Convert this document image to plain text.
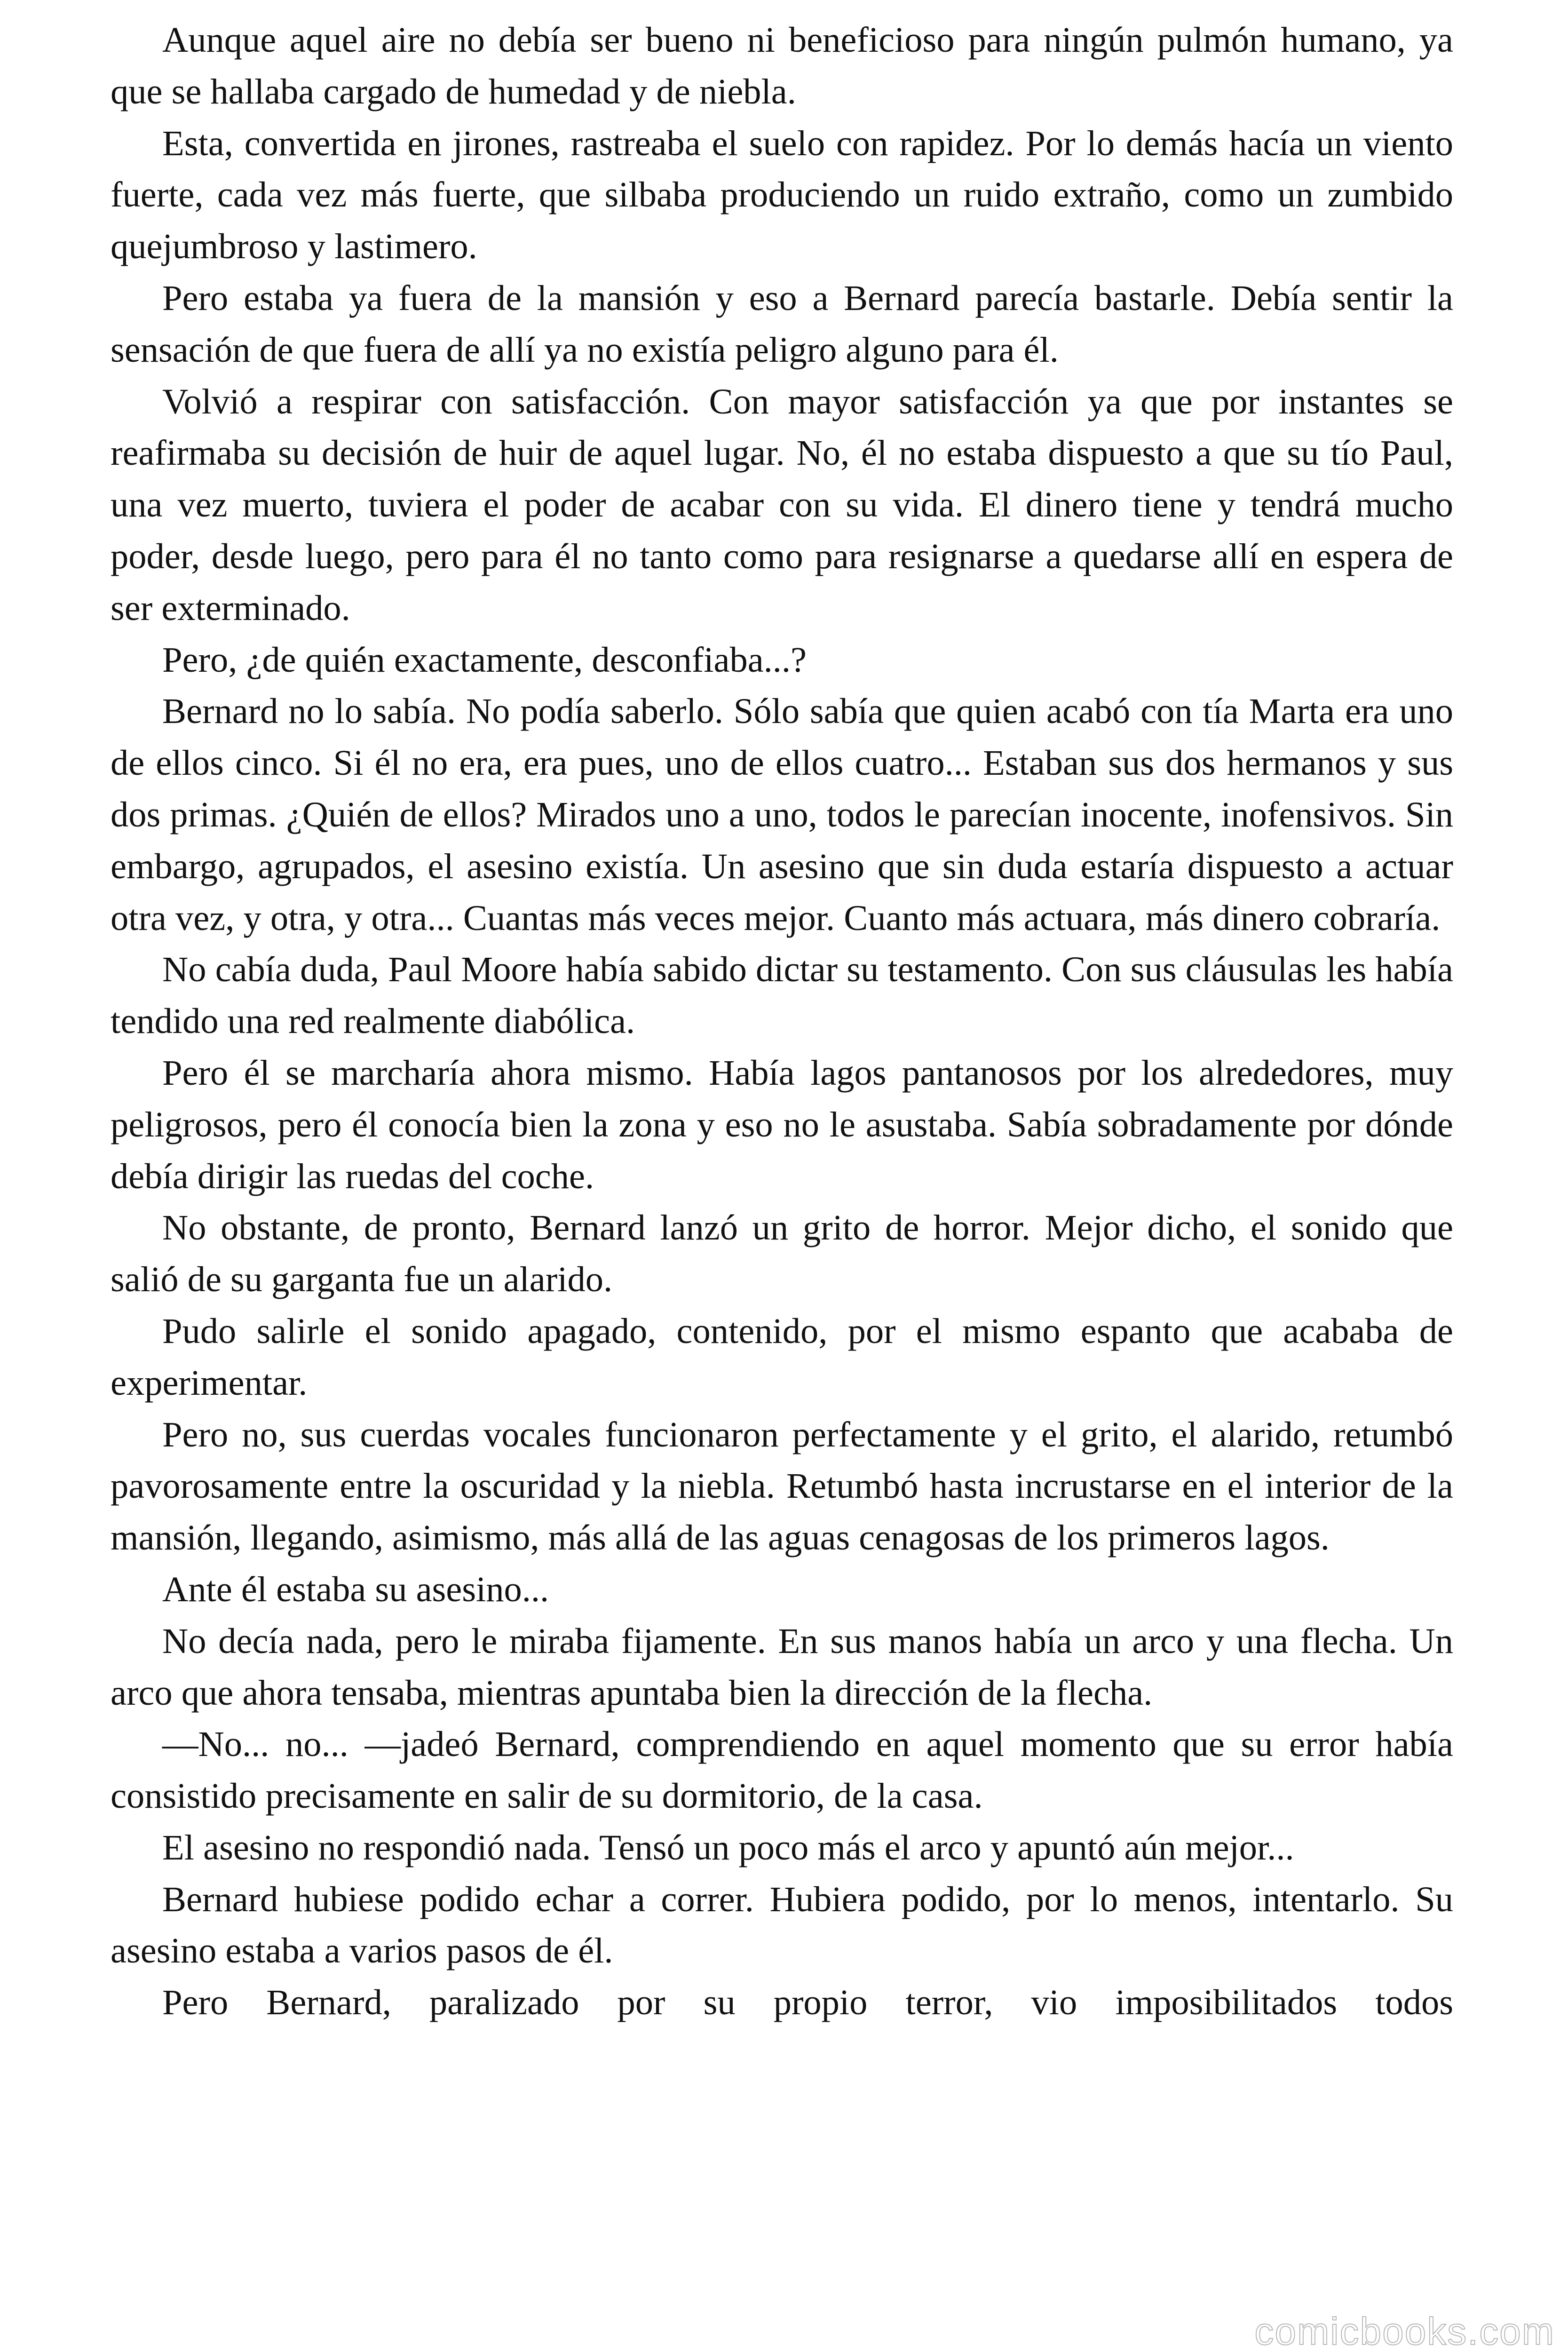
Aunque aquel aire no debía ser bueno ni beneficioso para ningún pulmón humano, ya que se hallaba cargado de humedad y de niebla.

Esta, convertida en jirones, rastreaba el suelo con rapidez. Por lo demás hacía un viento fuerte, cada vez más fuerte, que silbaba produciendo un ruido extraño, como un zumbido quejumbroso y lastimero.

Pero estaba ya fuera de la mansión y eso a Bernard parecía bastarle. Debía sentir la sensación de que fuera de allí ya no existía peligro alguno para él.

Volvió a respirar con satisfacción. Con mayor satisfacción ya que por instantes se reafirmaba su decisión de huir de aquel lugar. No, él no estaba dispuesto a que su tío Paul, una vez muerto, tuviera el poder de acabar con su vida. El dinero tiene y tendrá mucho poder, desde luego, pero para él no tanto como para resignarse a quedarse allí en espera de ser exterminado.

Pero, ¿de quién exactamente, desconfiaba...?

Bernard no lo sabía. No podía saberlo. Sólo sabía que quien acabó con tía Marta era uno de ellos cinco. Si él no era, era pues, uno de ellos cuatro... Estaban sus dos hermanos y sus dos primas. ¿Quién de ellos? Mirados uno a uno, todos le parecían inocente, inofensivos. Sin embargo, agrupados, el asesino existía. Un asesino que sin duda estaría dispuesto a actuar otra vez, y otra, y otra... Cuantas más veces mejor. Cuanto más actuara, más dinero cobraría.

No cabía duda, Paul Moore había sabido dictar su testamento. Con sus cláusulas les había tendido una red realmente diabólica.

Pero él se marcharía ahora mismo. Había lagos pantanosos por los alrededores, muy peligrosos, pero él conocía bien la zona y eso no le asustaba. Sabía sobradamente por dónde debía dirigir las ruedas del coche.

No obstante, de pronto, Bernard lanzó un grito de horror. Mejor dicho, el sonido que salió de su garganta fue un alarido.

Pudo salirle el sonido apagado, contenido, por el mismo espanto que acababa de experimentar.

Pero no, sus cuerdas vocales funcionaron perfectamente y el grito, el alarido, retumbó pavorosamente entre la oscuridad y la niebla. Retumbó hasta incrustarse en el interior de la mansión, llegando, asimismo, más allá de las aguas cenagosas de los primeros lagos.

Ante él estaba su asesino...

No decía nada, pero le miraba fijamente. En sus manos había un arco y una flecha. Un arco que ahora tensaba, mientras apuntaba bien la dirección de la flecha.

—No... no... —jadeó Bernard, comprendiendo en aquel momento que su error había consistido precisamente en salir de su dormitorio, de la casa.

El asesino no respondió nada. Tensó un poco más el arco y apuntó aún mejor...

Bernard hubiese podido echar a correr. Hubiera podido, por lo menos, intentarlo. Su asesino estaba a varios pasos de él.

Pero Bernard, paralizado por su propio terror, vio imposibilitados todos

comicbooks.com
